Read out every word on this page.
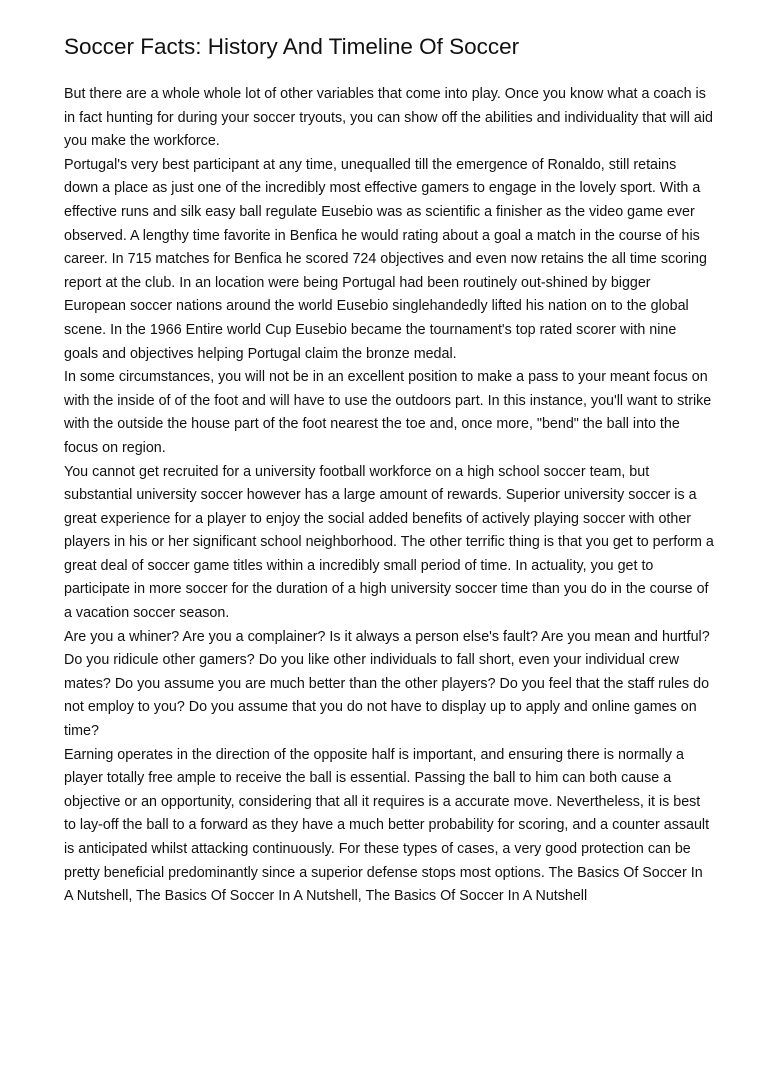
Soccer Facts: History And Timeline Of Soccer

But there are a whole whole lot of other variables that come into play. Once you know what a coach is in fact hunting for during your soccer tryouts, you can show off the abilities and individuality that will aid you make the workforce.

Portugal's very best participant at any time, unequalled till the emergence of Ronaldo, still retains down a place as just one of the incredibly most effective gamers to engage in the lovely sport. With a effective runs and silk easy ball regulate Eusebio was as scientific a finisher as the video game ever observed. A lengthy time favorite in Benfica he would rating about a goal a match in the course of his career. In 715 matches for Benfica he scored 724 objectives and even now retains the all time scoring report at the club. In an location were being Portugal had been routinely out-shined by bigger European soccer nations around the world Eusebio singlehandedly lifted his nation on to the global scene. In the 1966 Entire world Cup Eusebio became the tournament's top rated scorer with nine goals and objectives helping Portugal claim the bronze medal.

In some circumstances, you will not be in an excellent position to make a pass to your meant focus on with the inside of of the foot and will have to use the outdoors part. In this instance, you'll want to strike with the outside the house part of the foot nearest the toe and, once more, "bend" the ball into the focus on region.

You cannot get recruited for a university football workforce on a high school soccer team, but substantial university soccer however has a large amount of rewards. Superior university soccer is a great experience for a player to enjoy the social added benefits of actively playing soccer with other players in his or her significant school neighborhood. The other terrific thing is that you get to perform a great deal of soccer game titles within a incredibly small period of time. In actuality, you get to participate in more soccer for the duration of a high university soccer time than you do in the course of a vacation soccer season.

Are you a whiner? Are you a complainer? Is it always a person else's fault? Are you mean and hurtful? Do you ridicule other gamers? Do you like other individuals to fall short, even your individual crew mates? Do you assume you are much better than the other players? Do you feel that the staff rules do not employ to you? Do you assume that you do not have to display up to apply and online games on time?

Earning operates in the direction of the opposite half is important, and ensuring there is normally a player totally free ample to receive the ball is essential. Passing the ball to him can both cause a objective or an opportunity, considering that all it requires is a accurate move. Nevertheless, it is best to lay-off the ball to a forward as they have a much better probability for scoring, and a counter assault is anticipated whilst attacking continuously. For these types of cases, a very good protection can be pretty beneficial predominantly since a superior defense stops most options. The Basics Of Soccer In A Nutshell, The Basics Of Soccer In A Nutshell, The Basics Of Soccer In A Nutshell
